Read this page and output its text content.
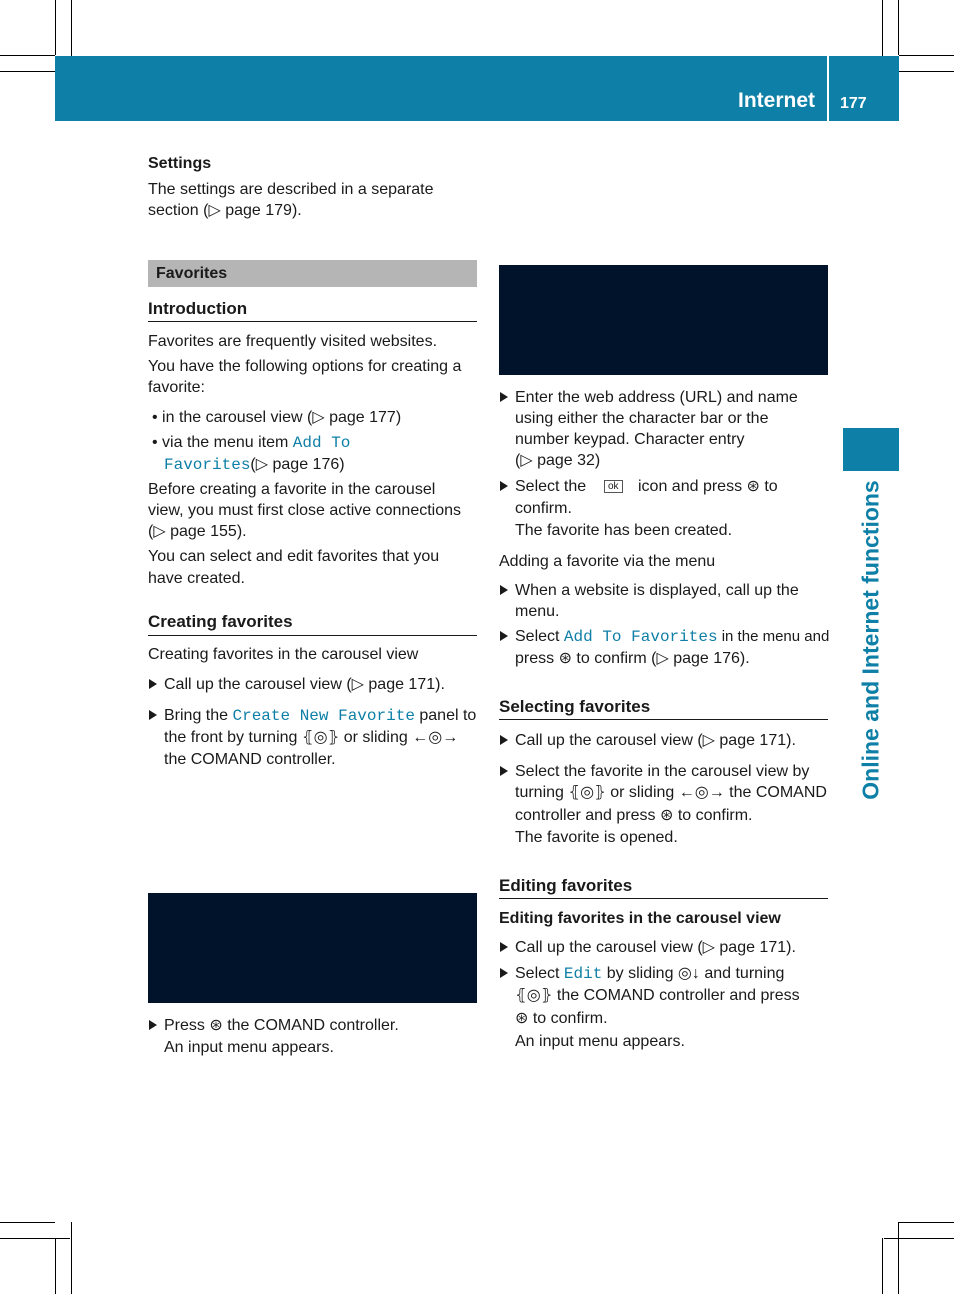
Internet 177
Online and Internet functions
Settings
The settings are described in a separate
section (▷ page 179).
Favorites
Introduction
Favorites are frequently visited websites.
You have the following options for creating a
favorite:
• in the carousel view (▷ page 177)
• via the menu item Add To
Favorites(▷ page 176)
Before creating a favorite in the carousel
view, you must first close active connections
(▷ page 155).
You can select and edit favorites that you
have created.
Creating favorites
Creating favorites in the carousel view
Call up the carousel view (▷ page 171).
Bring the Create New Favorite panel to
the front by turning ⦃◎⦄ or sliding ←◎→
the COMAND controller.
Press ⊛ the COMAND controller.
An input menu appears.
Enter the web address (URL) and name
using either the character bar or the
number keypad. Character entry
(▷ page 32)
Select the	ok icon and press ⊛ to
confirm.
The favorite has been created.
Adding a favorite via the menu
When a website is displayed, call up the
menu.
Select Add To Favorites in the menu and
press ⊛ to confirm (▷ page 176).
Selecting favorites
Call up the carousel view (▷ page 171).
Select the favorite in the carousel view by
turning ⦃◎⦄ or sliding ←◎→ the COMAND
controller and press ⊛ to confirm.
The favorite is opened.
Editing favorites
Editing favorites in the carousel view
Call up the carousel view (▷ page 171).
Select Edit by sliding ◎↓ and turning
⦃◎⦄ the COMAND controller and press
⊛ to confirm.
An input menu appears.
